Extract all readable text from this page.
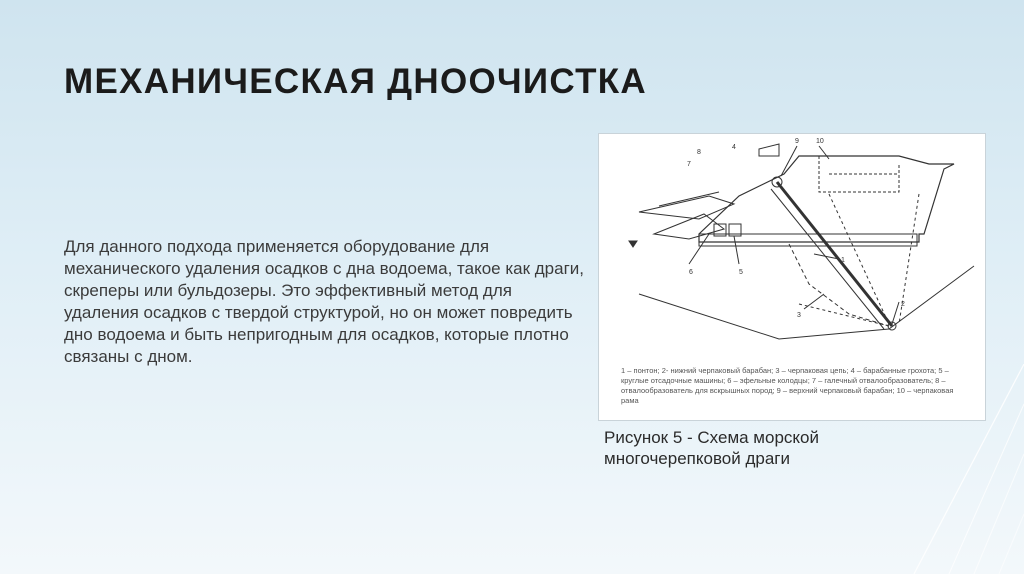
МЕХАНИЧЕСКАЯ ДНООЧИСТКА
Для данного подхода применяется оборудование для механического удаления осадков с дна водоема, такое как драги, скреперы или бульдозеры. Это эффективный метод для удаления осадков с твердой структурой, но он может повредить дно водоема и быть непригодным для осадков, которые плотно связаны с дном.
1
2
3
4
5
6
7
8
9 10
1 – понтон; 2- нижний черпаковый барабан; 3 – черпаковая цепь; 4 – барабанные грохота; 5 – круглые отсадочные машины; 6 – эфельные колодцы; 7 – галечный отвалообразователь; 8 – отвалообразователь для вскрышных пород; 9 – верхний черпаковый барабан; 10 – черпаковая рама
Рисунок 5 - Схема морской многочерепковой драги
